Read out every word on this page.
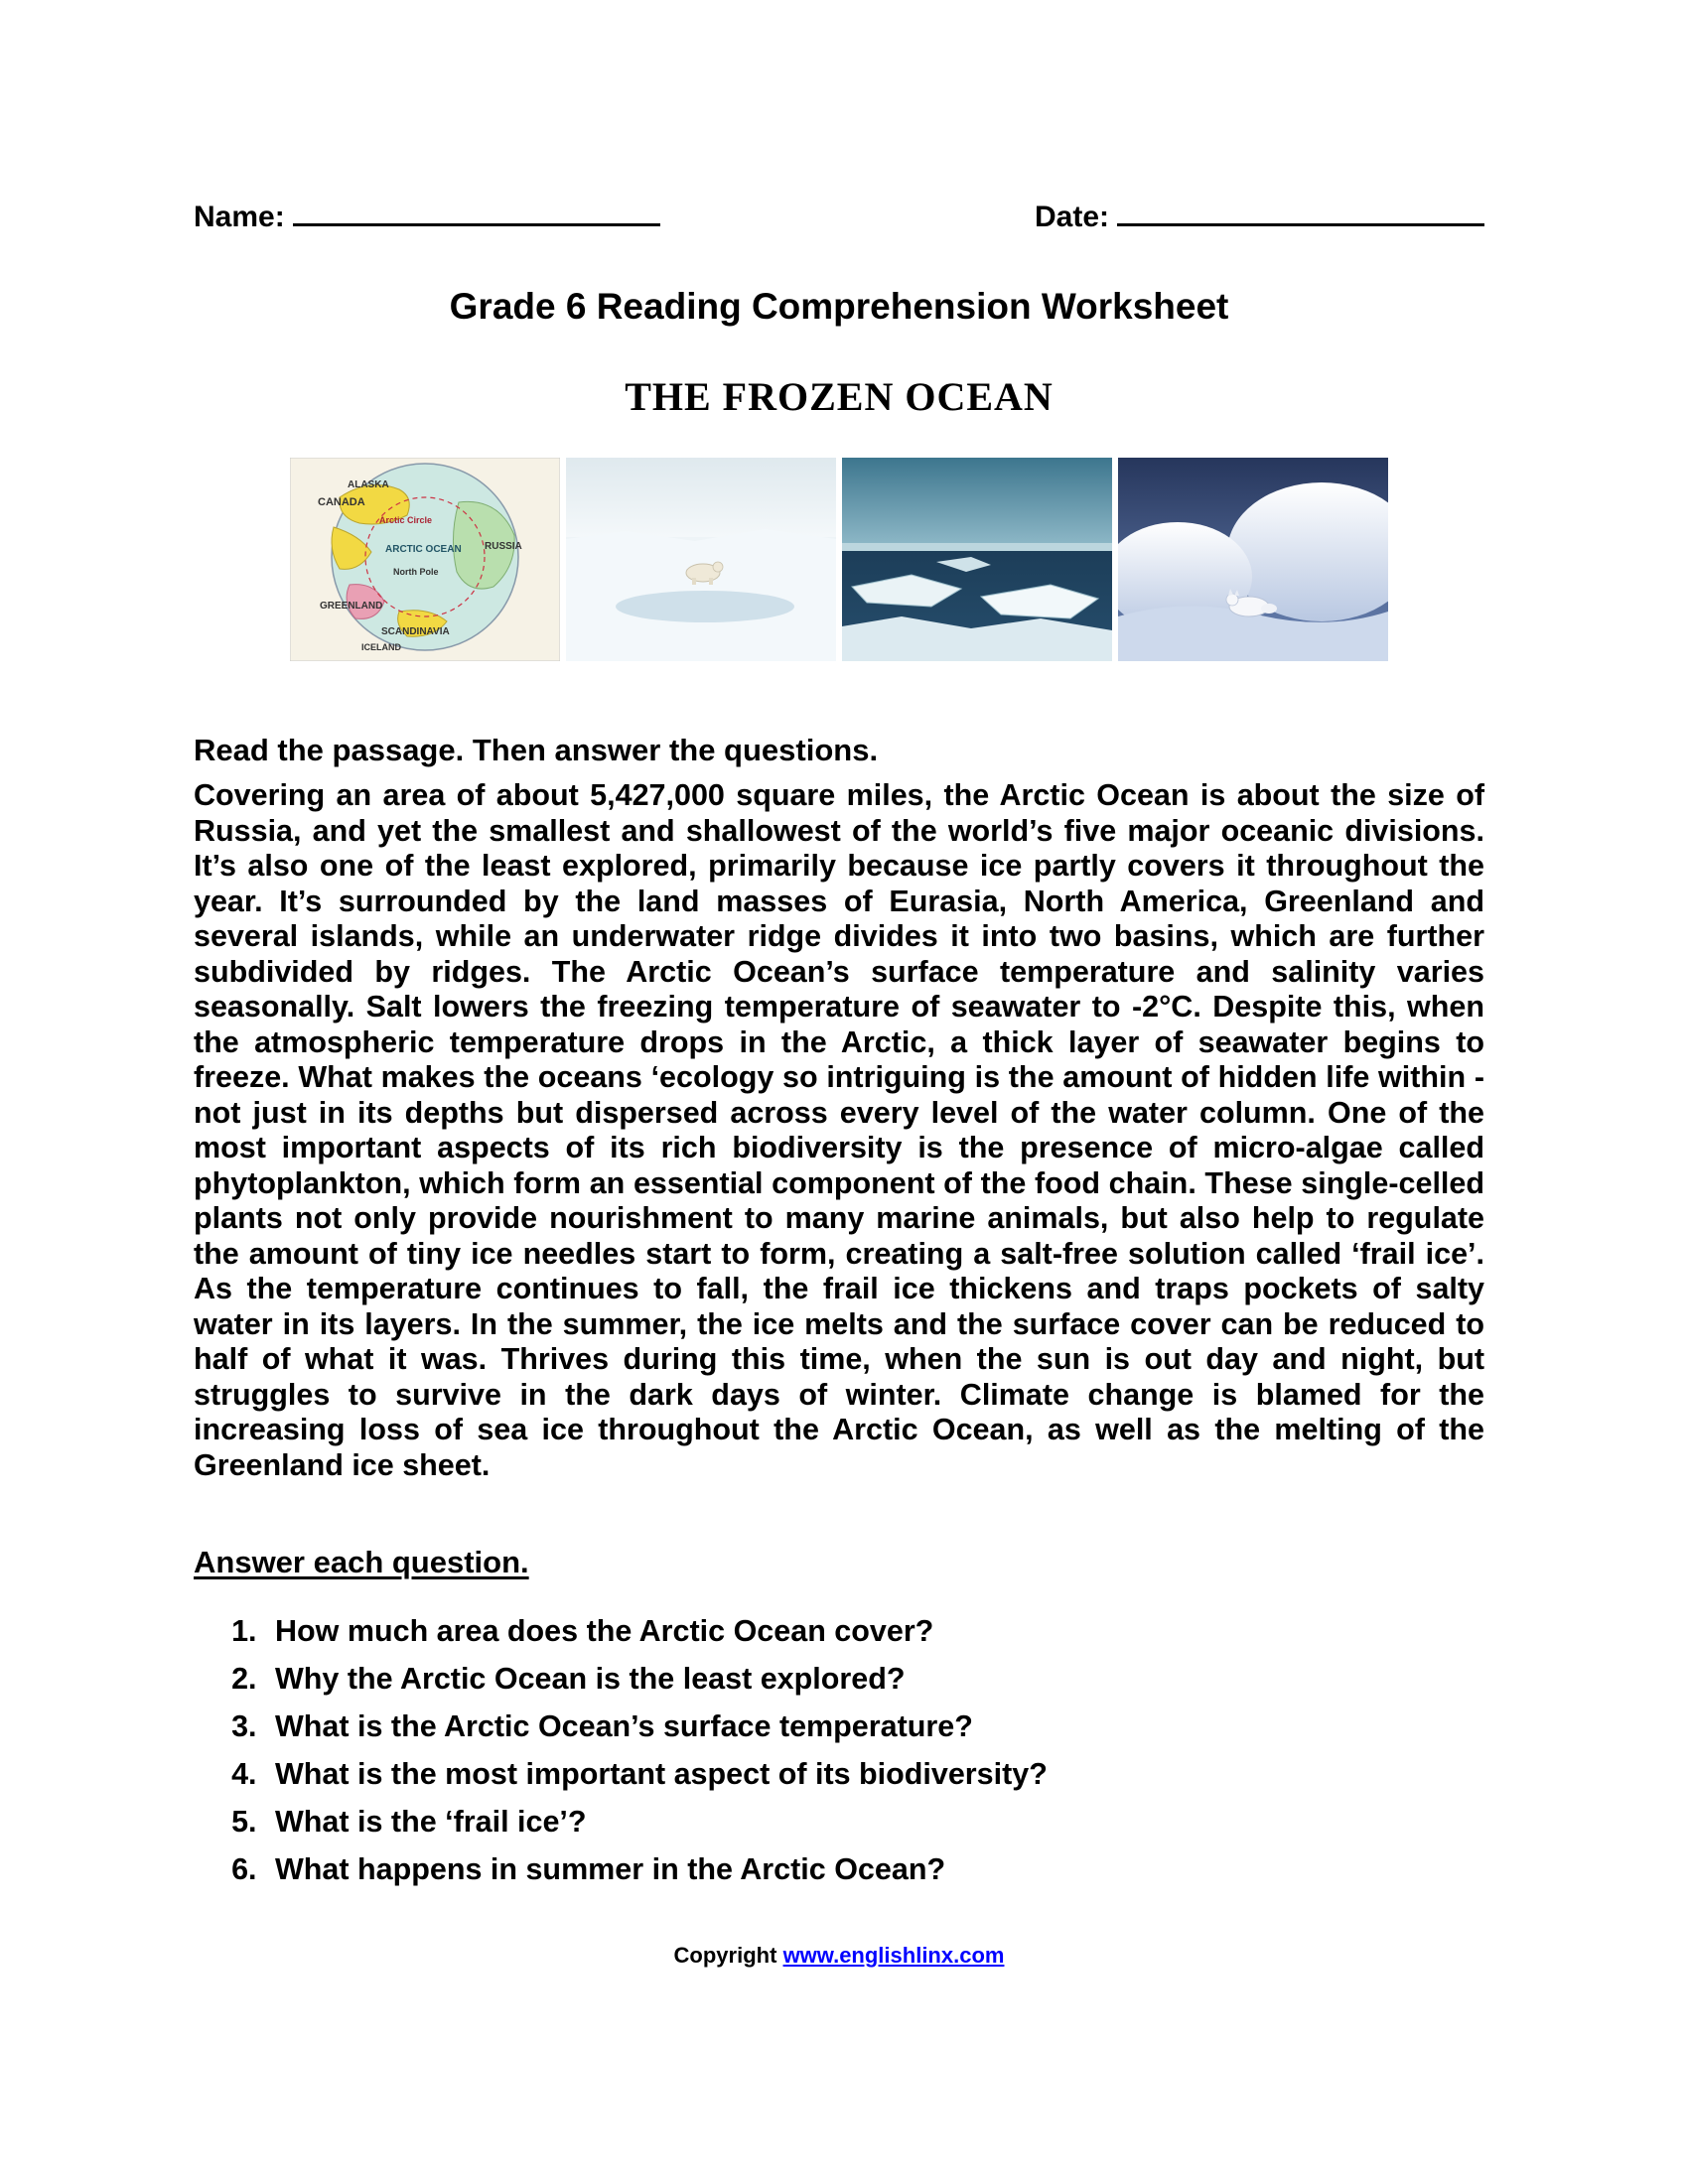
Name:	Date:
Grade 6 Reading Comprehension Worksheet
THE FROZEN OCEAN
ALASKA
CANADA
Arctic Circle
ARCTIC OCEAN RUSSIA
North Pole
GREENLAND
SCANDINAVIA
ICELAND
Read the passage. Then answer the questions.

Covering an area of about 5,427,000 square miles, the Arctic Ocean is about the size of Russia, and yet the smallest and shallowest of the world’s five major oceanic divisions. It’s also one of the least explored, primarily because ice partly covers it throughout the year. It’s surrounded by the land masses of Eurasia, North America, Greenland and several islands, while an underwater ridge divides it into two basins, which are further subdivided by ridges. The Arctic Ocean’s surface temperature and salinity varies seasonally. Salt lowers the freezing temperature of seawater to -2°C. Despite this, when the atmospheric temperature drops in the Arctic, a thick layer of seawater begins to freeze. What makes the oceans ‘ecology so intriguing is the amount of hidden life within - not just in its depths but dispersed across every level of the water column. One of the most important aspects of its rich biodiversity is the presence of micro-algae called phytoplankton, which form an essential component of the food chain. These single-celled plants not only provide nourishment to many marine animals, but also help to regulate the amount of tiny ice needles start to form, creating a salt-free solution called ‘frail ice’. As the temperature continues to fall, the frail ice thickens and traps pockets of salty water in its layers. In the summer, the ice melts and the surface cover can be reduced to half of what it was. Thrives during this time, when the sun is out day and night, but struggles to survive in the dark days of winter. Climate change is blamed for the increasing loss of sea ice throughout the Arctic Ocean, as well as the melting of the Greenland ice sheet.

Answer each question.
1. How much area does the Arctic Ocean cover?
2. Why the Arctic Ocean is the least explored?
3. What is the Arctic Ocean’s surface temperature?
4. What is the most important aspect of its biodiversity?
5. What is the ‘frail ice’?
6. What happens in summer in the Arctic Ocean?
Copyright www.englishlinx.com
